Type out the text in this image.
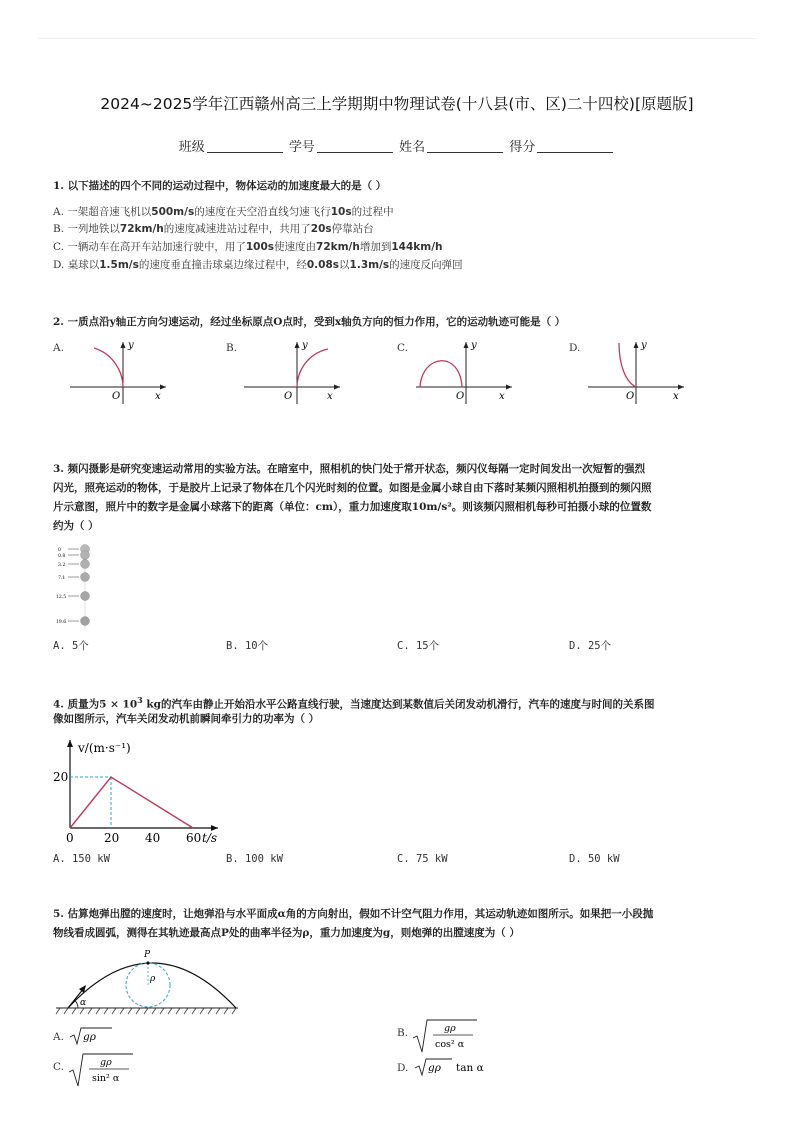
2024~2025学年江西赣州高三上学期期中物理试卷(十八县(市、区)二十四校)[原题版]
班级	学号	姓名	得分
1. 以下描述的四个不同的运动过程中，物体运动的加速度最大的是（ ）
A. 一架超音速飞机以500m/s的速度在天空沿直线匀速飞行10s的过程中
B. 一列地铁以72km/h的速度减速进站过程中，共用了20s停靠站台
C. 一辆动车在高开车站加速行驶中，用了100s使速度由72km/h增加到144km/h
D. 桌球以1.5m/s的速度垂直撞击球桌边缘过程中，经0.08s以1.3m/s的速度反向弹回
2. 一质点沿y轴正方向匀速运动，经过坐标原点O点时，受到x轴负方向的恒力作用，它的运动轨迹可能是（ ）
A.	B.	C.	D.
x
y
O	x
y
O	x
y
O	x
y
O
3. 频闪摄影是研究变速运动常用的实验方法。在暗室中，照相机的快门处于常开状态，频闪仪每隔一定时间发出一次短暂的强烈
闪光，照亮运动的物体，于是胶片上记录了物体在几个闪光时刻的位置。如图是金属小球自由下落时某频闪照相机拍摄到的频闪照
片示意图，照片中的数字是金属小球落下的距离（单位：cm），重力加速度取10m/s²。则该频闪照相机每秒可拍摄小球的位置数
约为（ ）
0
0.8
3.2
7.1
12.5
19.6
A. 5个	B. 10个	C. 15个	D. 25个
4. 质量为$5 \times 10^3$ kg的汽车由静止开始沿水平公路直线行驶，当速度达到某数值后关闭发动机滑行，汽车的速度与时间的关系图
像如图所示，汽车关闭发动机前瞬间牵引力的功率为（ ）
v/(m·s⁻¹)
t/s
20
0	20 40 60
A. 150 kW	B. 100 kW	C. 75 kW	D. 50 kW
5. 估算炮弹出膛的速度时，让炮弹沿与水平面成α角的方向射出，假如不计空气阻力作用，其运动轨迹如图所示。如果把一小段抛
物线看成圆弧，测得在其轨迹最高点P处的曲率半径为ρ，重力加速度为g，则炮弹的出膛速度为（ ）
α
P
ρ
A. gρ	B.	gρ
cos² α
C.	gρ
sin² α
D. gρ tan α
